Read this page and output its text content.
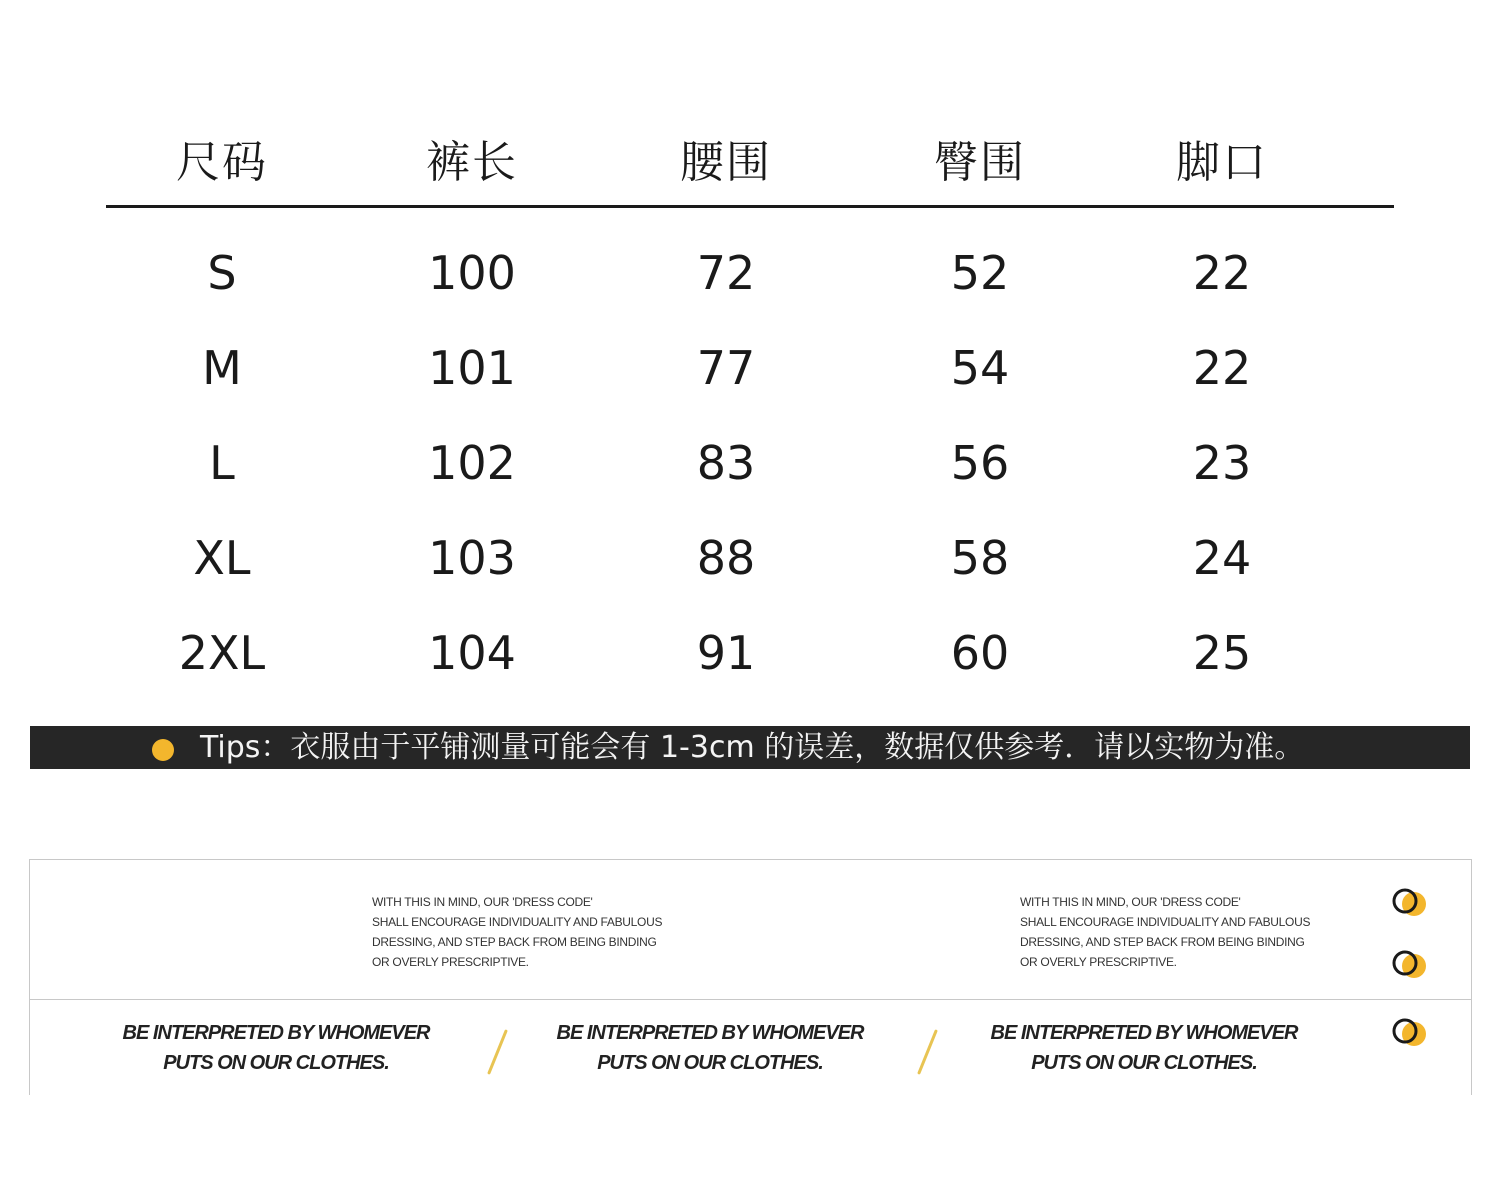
尺码	裤长	腰围	臀围	脚口
S	100	72	52	22
M	101	77	54	22
L	102	83	56	23
XL	103	88	58	24
2XL	104	91	60	25
Tips：衣服由于平铺测量可能会有 1-3cm 的误差，数据仅供参考．请以实物为准。
WITH THIS IN MIND, OUR 'DRESS CODE'
SHALL ENCOURAGE INDIVIDUALITY AND FABULOUS
DRESSING, AND STEP BACK FROM BEING BINDING
OR OVERLY PRESCRIPTIVE.
WITH THIS IN MIND, OUR 'DRESS CODE'
SHALL ENCOURAGE INDIVIDUALITY AND FABULOUS
DRESSING, AND STEP BACK FROM BEING BINDING
OR OVERLY PRESCRIPTIVE.
BE INTERPRETED BY WHOMEVER
PUTS ON OUR CLOTHES.
BE INTERPRETED BY WHOMEVER
PUTS ON OUR CLOTHES.
BE INTERPRETED BY WHOMEVER
PUTS ON OUR CLOTHES.
